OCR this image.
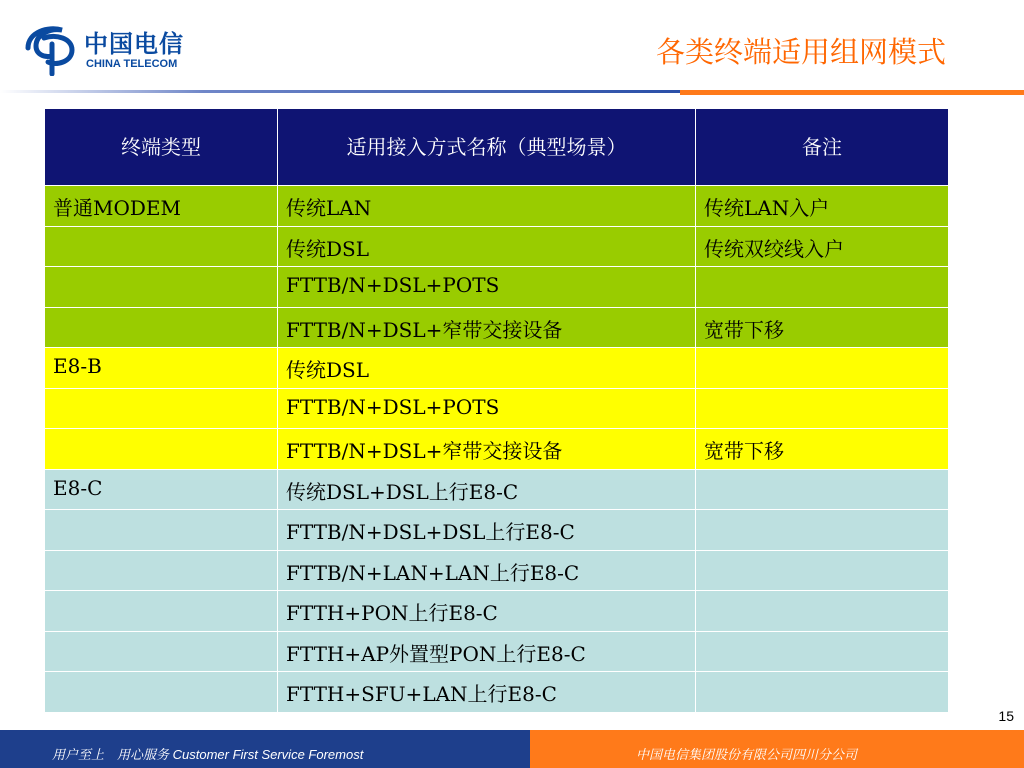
中国电信
CHINA TELECOM	各类终端适用组网模式
终端类型	适用接入方式名称（典型场景）	备注
普通MODEM	传统LAN	传统LAN入户
	传统DSL	传统双绞线入户
	FTTB/N+DSL+POTS	
	FTTB/N+DSL+窄带交接设备	宽带下移
E8-B	传统DSL	
	FTTB/N+DSL+POTS	
	FTTB/N+DSL+窄带交接设备	宽带下移
E8-C	传统DSL+DSL上行E8-C	
	FTTB/N+DSL+DSL上行E8-C	
	FTTB/N+LAN+LAN上行E8-C	
	FTTH+PON上行E8-C	
	FTTH+AP外置型PON上行E8-C	
	FTTH+SFU+LAN上行E8-C	
15
用户至上　用心服务 Customer First Service Foremost	中国电信集团股份有限公司四川分公司
